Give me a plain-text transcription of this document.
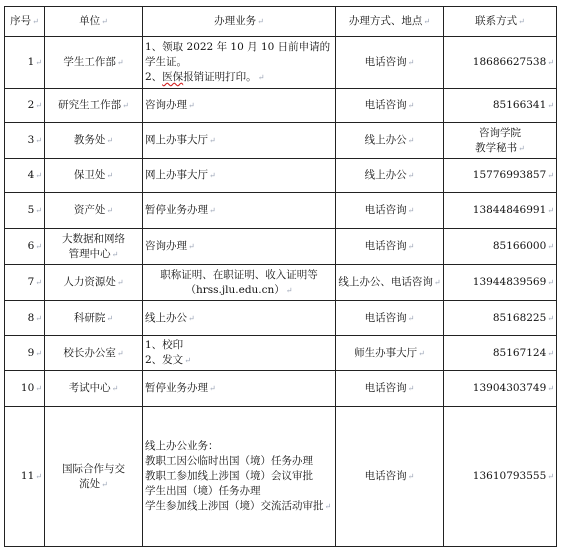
序号↵	单位↵	办理业务↵	办理方式、地点↵	联系方式↵
1↵	学生工作部↵	1、领取 2022 年 10 月 10 日前申请的学生证。
2、医保报销证明打印。↵	电话咨询↵	18686627538↵

2↵	研究生工作部↵	咨询办理↵	电话咨询↵	85166341↵

3↵	教务处↵	网上办事大厅↵	线上办公↵	咨询学院
教学秘书↵

4↵	保卫处↵	网上办事大厅↵	线上办公↵	15776993857↵

5↵	资产处↵	暂停业务办理↵	电话咨询↵	13844846991↵

6↵	大数据和网络
管理中心↵	咨询办理↵	电话咨询↵	85166000↵

7↵	人力资源处↵	职称证明、在职证明、收入证明等
（hrss.jlu.edu.cn）↵	线上办公、电话咨询↵	13944839569↵

8↵	科研院↵	线上办公↵	电话咨询↵	85168225↵

9↵	校长办公室↵	1、校印
2、发文↵	师生办事大厅↵	85167124↵

10↵	考试中心↵	暂停业务办理↵	电话咨询↵	13904303749↵

11↵	国际合作与交
流处↵	线上办公业务：
教职工因公临时出国（境）任务办理
教职工参加线上涉国（境）会议审批
学生出国（境）任务办理
学生参加线上涉国（境）交流活动审批↵	电话咨询↵	13610793555↵
